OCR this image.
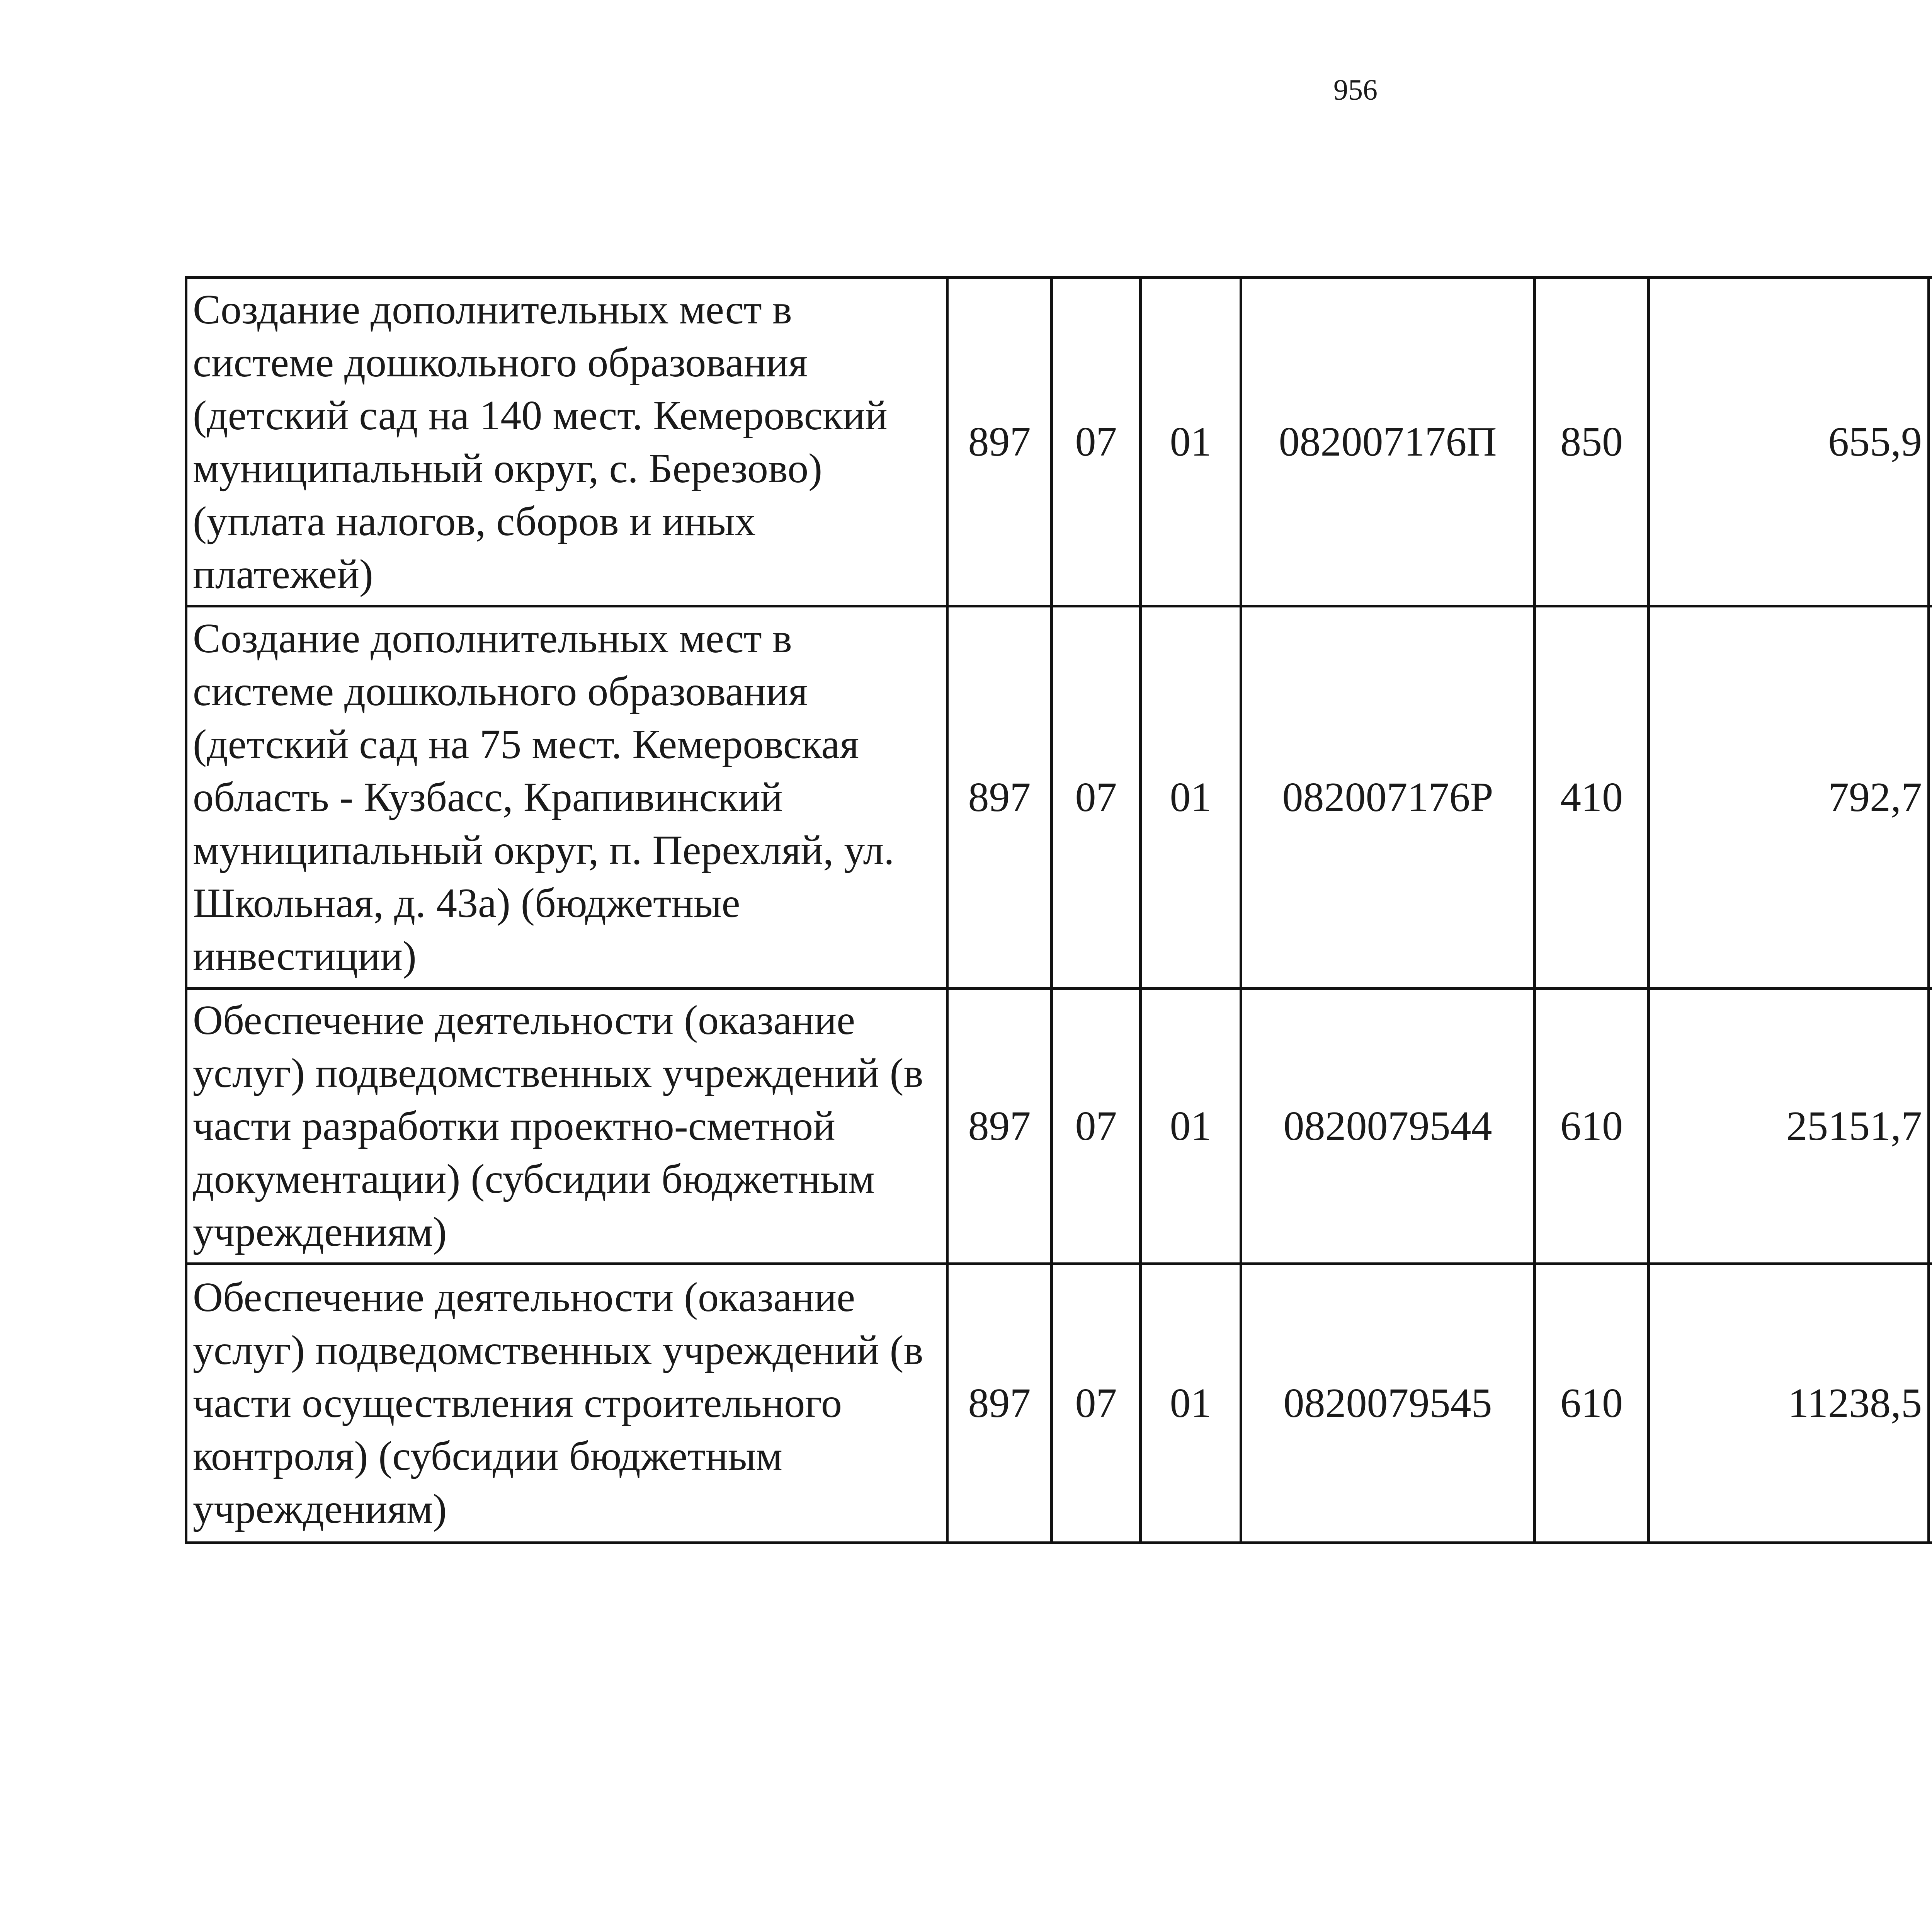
956
Создание дополнительных мест в системе дошкольного образования (детский сад на 140 мест. Кемеровский муниципальный округ, с. Березово) (уплата налогов, сборов и иных платежей)	897	07	01	082007176П	850	655,9		
Создание дополнительных мест в системе дошкольного образования (детский сад на 75 мест. Кемеровская область - Кузбасс, Крапивинский муниципальный округ, п. Перехляй, ул. Школьная, д. 43а) (бюджетные инвестиции)	897	07	01	082007176Р	410	792,7		
Обеспечение деятельности (оказание услуг) подведомственных учреждений (в части разработки проектно-сметной документации) (субсидии бюджетным учреждениям)	897	07	01	0820079544	610	25151,7		
Обеспечение деятельности (оказание услуг) подведомственных учреждений (в части осуществления строительного контроля) (субсидии бюджетным учреждениям)	897	07	01	0820079545	610	11238,5		
